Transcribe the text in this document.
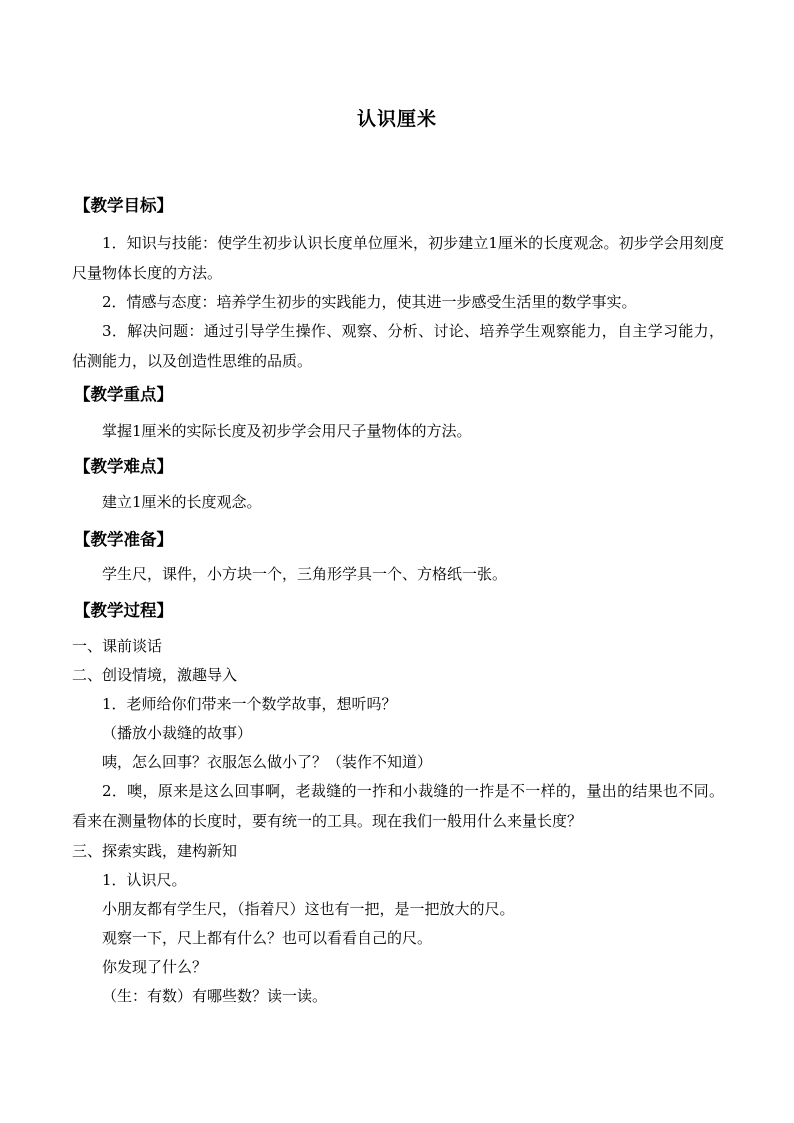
认识厘米
【教学目标】
1．知识与技能：使学生初步认识长度单位厘米，初步建立1厘米的长度观念。初步学会用刻度尺量物体长度的方法。
2．情感与态度：培养学生初步的实践能力，使其进一步感受生活里的数学事实。
3．解决问题：通过引导学生操作、观察、分析、讨论、培养学生观察能力，自主学习能力，估测能力，以及创造性思维的品质。
【教学重点】
掌握1厘米的实际长度及初步学会用尺子量物体的方法。
【教学难点】
建立1厘米的长度观念。
【教学准备】
学生尺，课件，小方块一个，三角形学具一个、方格纸一张。
【教学过程】
一、课前谈话
二、创设情境，激趣导入
1．老师给你们带来一个数学故事，想听吗？
（播放小裁缝的故事）
咦，怎么回事？衣服怎么做小了？（装作不知道）
2．噢，原来是这么回事啊，老裁缝的一拃和小裁缝的一拃是不一样的，量出的结果也不同。看来在测量物体的长度时，要有统一的工具。现在我们一般用什么来量长度？
三、探索实践，建构新知
1．认识尺。
小朋友都有学生尺，（指着尺）这也有一把，是一把放大的尺。
观察一下，尺上都有什么？也可以看看自己的尺。
你发现了什么？
（生：有数）有哪些数？读一读。
